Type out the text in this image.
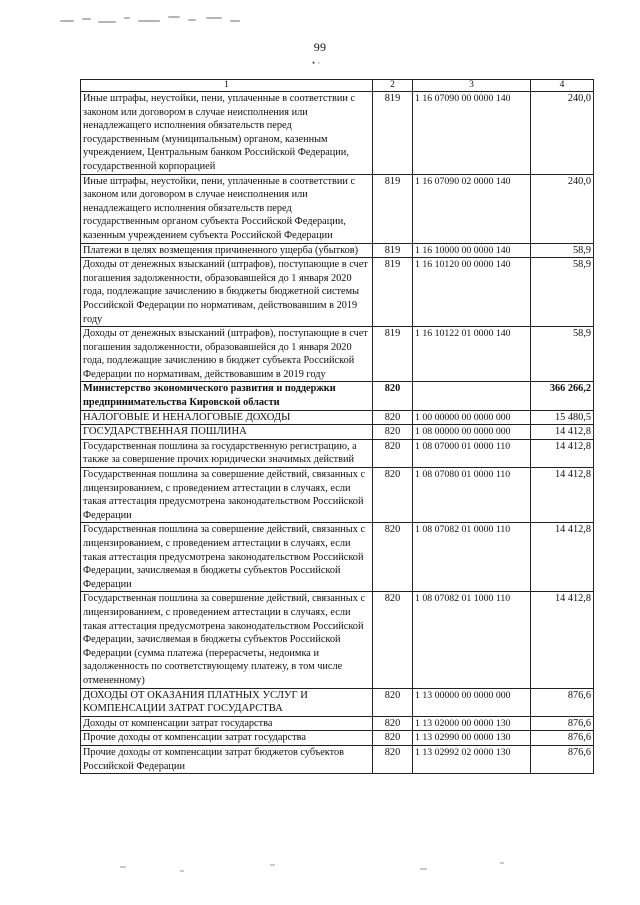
99
• ·
1	2	3	4
Иные штрафы, неустойки, пени, уплаченные в соответствии с законом или договором в случае неисполнения или ненадлежащего исполнения обязательств перед государственным (муниципальным) органом, казенным учреждением, Центральным банком Российской Федерации, государственной корпорацией	819	1 16 07090 00 0000 140	240,0
Иные штрафы, неустойки, пени, уплаченные в соответствии с законом или договором в случае неисполнения или ненадлежащего исполнения обязательств перед государственным органом субъекта Российской Федерации, казенным учреждением субъекта Российской Федерации	819	1 16 07090 02 0000 140	240,0
Платежи в целях возмещения причиненного ущерба (убытков)	819	1 16 10000 00 0000 140	58,9
Доходы от денежных взысканий (штрафов), поступающие в счет погашения задолженности, образовавшейся до 1 января 2020 года, подлежащие зачислению в бюджеты бюджетной системы Российской Федерации по нормативам, действовавшим в 2019 году	819	1 16 10120 00 0000 140	58,9
Доходы от денежных взысканий (штрафов), поступающие в счет погашения задолженности, образовавшейся до 1 января 2020 года, подлежащие зачислению в бюджет субъекта Российской Федерации по нормативам, действовавшим в 2019 году	819	1 16 10122 01 0000 140	58,9
Министерство экономического развития и поддержки предпринимательства Кировской области	820		366 266,2
НАЛОГОВЫЕ И НЕНАЛОГОВЫЕ ДОХОДЫ	820	1 00 00000 00 0000 000	15 480,5
ГОСУДАРСТВЕННАЯ ПОШЛИНА	820	1 08 00000 00 0000 000	14 412,8
Государственная пошлина за государственную регистрацию, а также за совершение прочих юридически значимых действий	820	1 08 07000 01 0000 110	14 412,8
Государственная пошлина за совершение действий, связанных с лицензированием, с проведением аттестации в случаях, если такая аттестация предусмотрена законодательством Российской Федерации	820	1 08 07080 01 0000 110	14 412,8
Государственная пошлина за совершение действий, связанных с лицензированием, с проведением аттестации в случаях, если такая аттестация предусмотрена законодательством Российской Федерации, зачисляемая в бюджеты субъектов Российской Федерации	820	1 08 07082 01 0000 110	14 412,8
Государственная пошлина за совершение действий, связанных с лицензированием, с проведением аттестации в случаях, если такая аттестация предусмотрена законодательством Российской Федерации, зачисляемая в бюджеты субъектов Российской Федерации (сумма платежа (перерасчеты, недоимка и задолженность по соответствующему платежу, в том числе отмененному)	820	1 08 07082 01 1000 110	14 412,8
ДОХОДЫ ОТ ОКАЗАНИЯ ПЛАТНЫХ УСЛУГ И КОМПЕНСАЦИИ ЗАТРАТ ГОСУДАРСТВА	820	1 13 00000 00 0000 000	876,6
Доходы от компенсации затрат государства	820	1 13 02000 00 0000 130	876,6
Прочие доходы от компенсации затрат государства	820	1 13 02990 00 0000 130	876,6
Прочие доходы от компенсации затрат бюджетов субъектов Российской Федерации	820	1 13 02992 02 0000 130	876,6
